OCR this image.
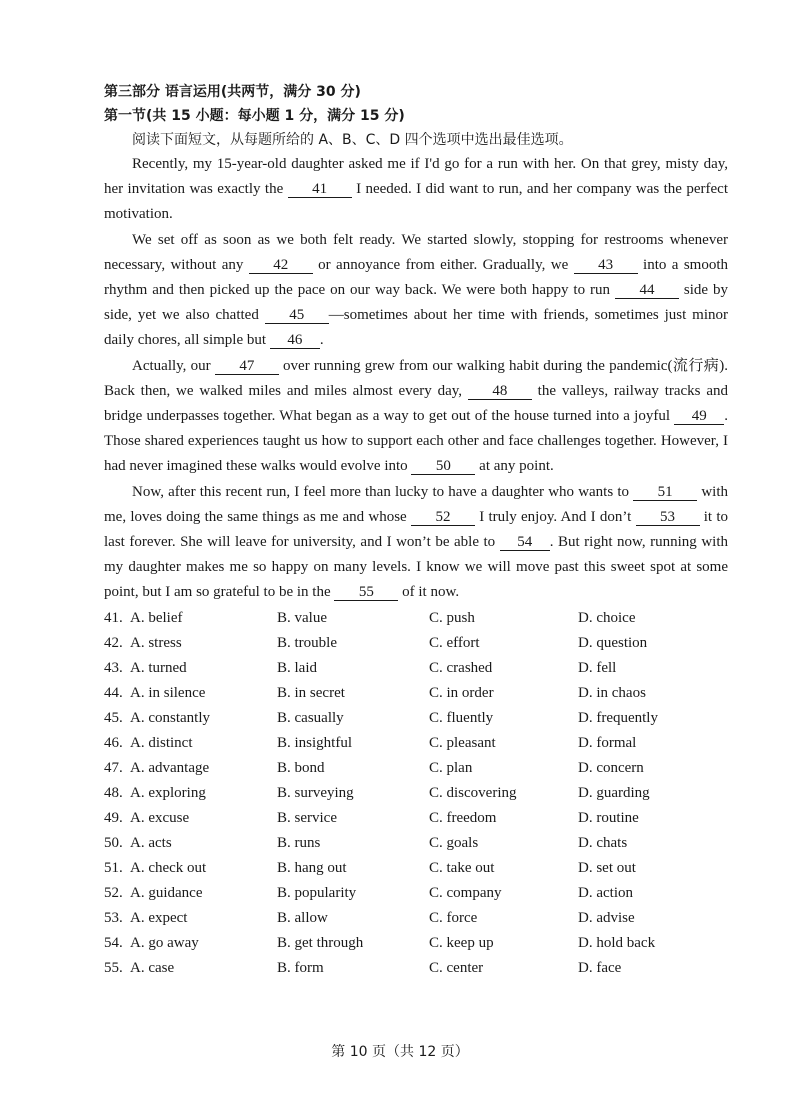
第三部分 语言运用(共两节，满分 30 分)

第一节(共 15 小题：每小题 1 分，满分 15 分)

阅读下面短文，从每题所给的 A、B、C、D 四个选项中选出最佳选项。

Recently, my 15-year-old daughter asked me if I'd go for a run with her. On that grey, misty day, her invitation was exactly the 41 I needed. I did want to run, and her company was the perfect motivation.

We set off as soon as we both felt ready. We started slowly, stopping for restrooms whenever necessary, without any 42 or annoyance from either. Gradually, we 43 into a smooth rhythm and then picked up the pace on our way back. We were both happy to run 44 side by side, yet we also chatted 45 —sometimes about her time with friends, sometimes just minor daily chores, all simple but 46 .

Actually, our 47 over running grew from our walking habit during the pandemic(流行病). Back then, we walked miles and miles almost every day, 48 the valleys, railway tracks and bridge underpasses together. What began as a way to get out of the house turned into a joyful 49 . Those shared experiences taught us how to support each other and face challenges together. However, I had never imagined these walks would evolve into 50 at any point.

Now, after this recent run, I feel more than lucky to have a daughter who wants to 51 with me, loves doing the same things as me and whose 52 I truly enjoy. And I don’t 53 it to last forever. She will leave for university, and I won’t be able to 54 . But right now, running with my daughter makes me so happy on many levels. I know we will move past this sweet spot at some point, but I am so grateful to be in the 55 of it now.

41. A. belief	B. value	C. push	D. choice
42. A. stress	B. trouble	C. effort	D. question
43. A. turned	B. laid	C. crashed	D. fell
44. A. in silence	B. in secret	C. in order	D. in chaos
45. A. constantly	B. casually	C. fluently	D. frequently
46. A. distinct	B. insightful	C. pleasant	D. formal
47. A. advantage	B. bond	C. plan	D. concern
48. A. exploring	B. surveying	C. discovering	D. guarding
49. A. excuse	B. service	C. freedom	D. routine
50. A. acts	B. runs	C. goals	D. chats
51. A. check out	B. hang out	C. take out	D. set out
52. A. guidance	B. popularity	C. company	D. action
53. A. expect	B. allow	C. force	D. advise
54. A. go away	B. get through	C. keep up	D. hold back
55. A. case	B. form	C. center	D. face
第 10 页（共 12 页）
